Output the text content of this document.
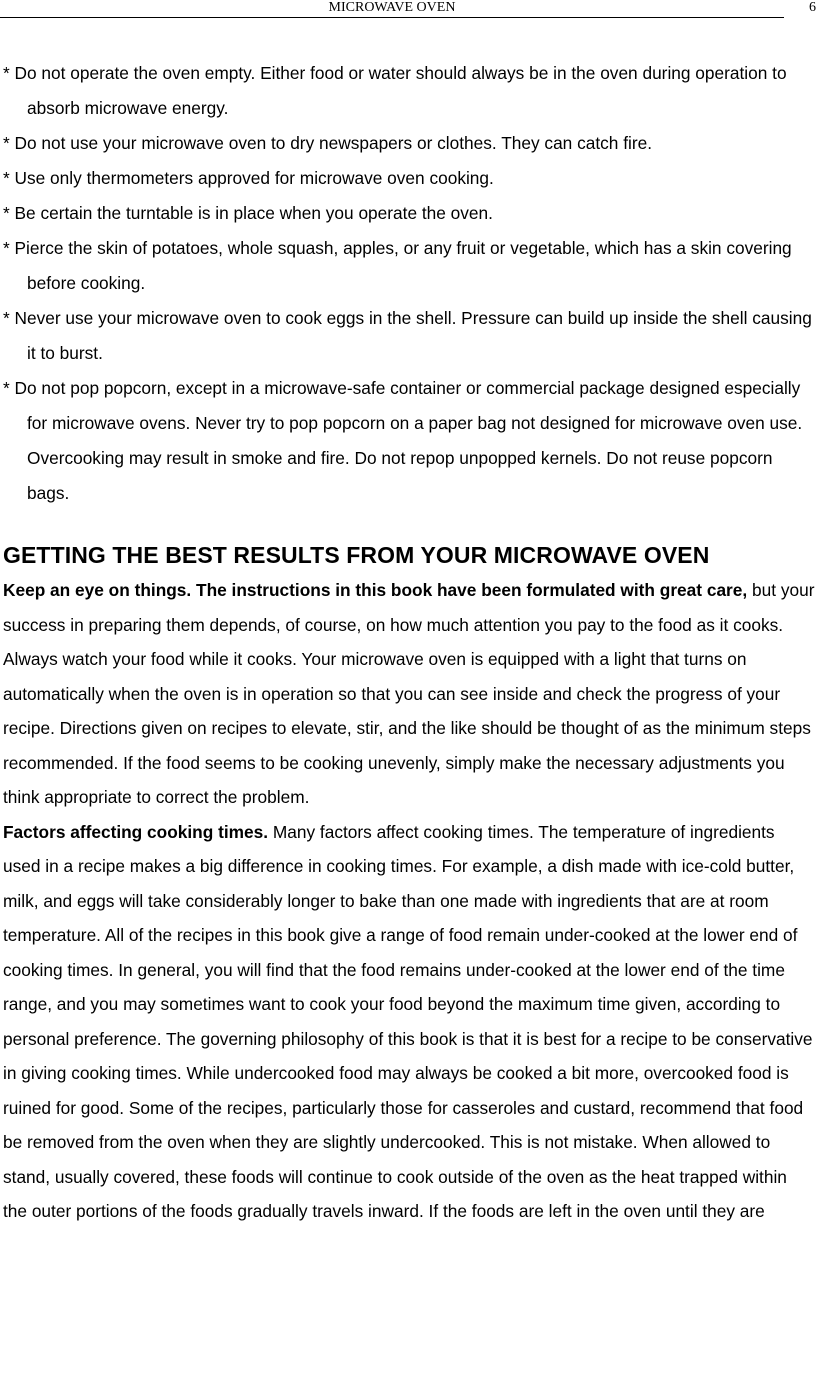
MICROWAVE OVEN	6

* Do not operate the oven empty. Either food or water should always be in the oven during operation to absorb microwave energy.

* Do not use your microwave oven to dry newspapers or clothes. They can catch fire.

* Use only thermometers approved for microwave oven cooking.

* Be certain the turntable is in place when you operate the oven.

* Pierce the skin of potatoes, whole squash, apples, or any fruit or vegetable, which has a skin covering before cooking.

* Never use your microwave oven to cook eggs in the shell. Pressure can build up inside the shell causing it to burst.

* Do not pop popcorn, except in a microwave-safe container or commercial package designed especially for microwave ovens. Never try to pop popcorn on a paper bag not designed for microwave oven use. Overcooking may result in smoke and fire. Do not repop unpopped kernels. Do not reuse popcorn bags.

GETTING THE BEST RESULTS FROM YOUR MICROWAVE OVEN

Keep an eye on things. The instructions in this book have been formulated with great care, but your success in preparing them depends, of course, on how much attention you pay to the food as it cooks. Always watch your food while it cooks. Your microwave oven is equipped with a light that turns on automatically when the oven is in operation so that you can see inside and check the progress of your recipe. Directions given on recipes to elevate, stir, and the like should be thought of as the minimum steps recommended. If the food seems to be cooking unevenly, simply make the necessary adjustments you think appropriate to correct the problem.

Factors affecting cooking times. Many factors affect cooking times. The temperature of ingredients used in a recipe makes a big difference in cooking times. For example, a dish made with ice-cold butter, milk, and eggs will take considerably longer to bake than one made with ingredients that are at room temperature. All of the recipes in this book give a range of food remain under-cooked at the lower end of cooking times. In general, you will find that the food remains under-cooked at the lower end of the time range, and you may sometimes want to cook your food beyond the maximum time given, according to personal preference. The governing philosophy of this book is that it is best for a recipe to be conservative in giving cooking times. While undercooked food may always be cooked a bit more, overcooked food is ruined for good. Some of the recipes, particularly those for casseroles and custard, recommend that food be removed from the oven when they are slightly undercooked. This is not mistake. When allowed to stand, usually covered, these foods will continue to cook outside of the oven as the heat trapped within the outer portions of the foods gradually travels inward. If the foods are left in the oven until they are
